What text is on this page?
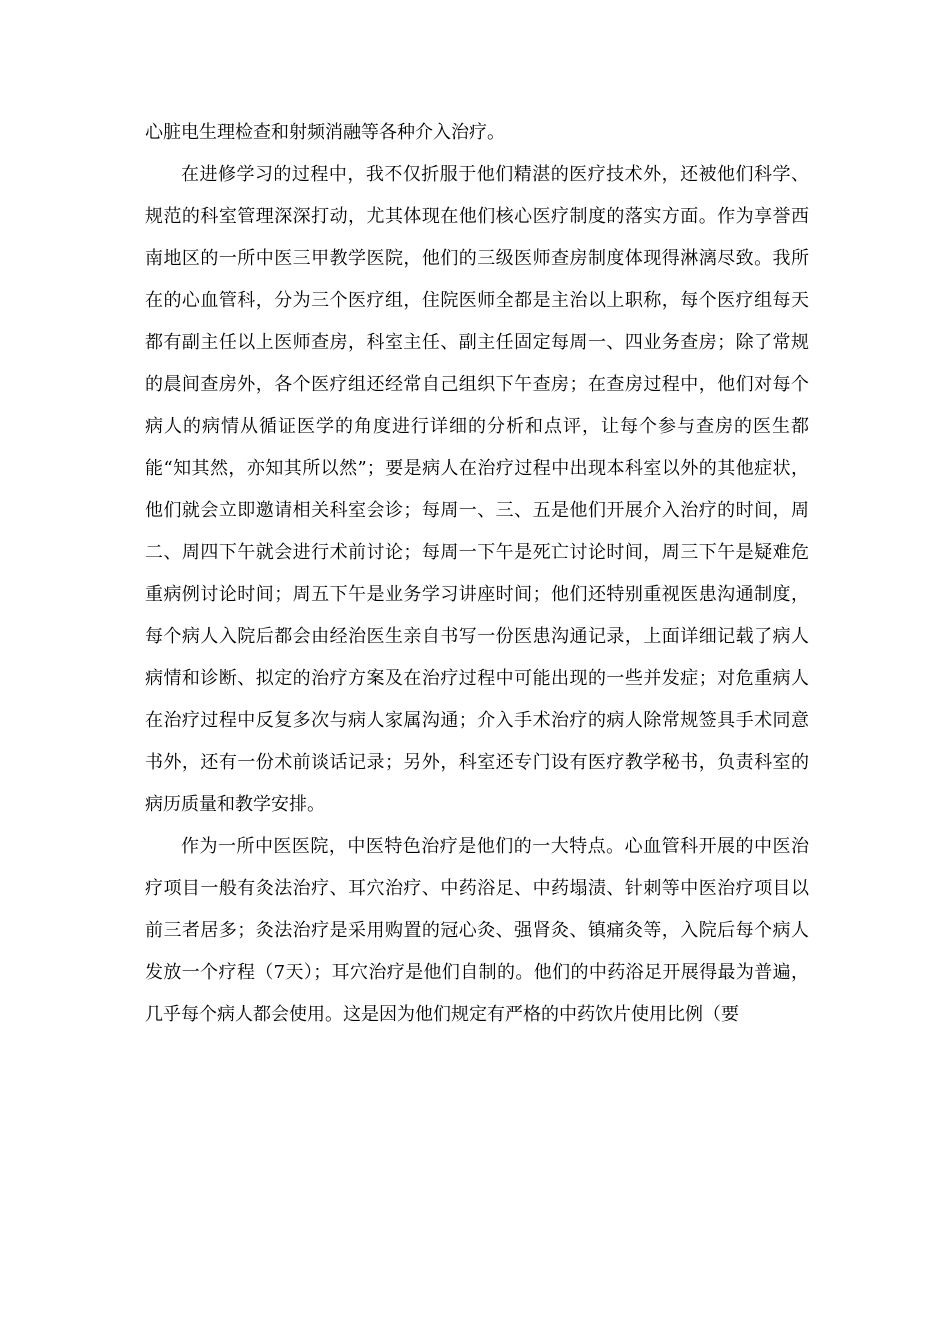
心脏电生理检查和射频消融等各种介入治疗。

在进修学习的过程中，我不仅折服于他们精湛的医疗技术外，还被他们科学、规范的科室管理深深打动，尤其体现在他们核心医疗制度的落实方面。作为享誉西南地区的一所中医三甲教学医院，他们的三级医师查房制度体现得淋漓尽致。我所在的心血管科，分为三个医疗组，住院医师全都是主治以上职称，每个医疗组每天都有副主任以上医师查房，科室主任、副主任固定每周一、四业务查房；除了常规的晨间查房外，各个医疗组还经常自己组织下午查房；在查房过程中，他们对每个病人的病情从循证医学的角度进行详细的分析和点评，让每个参与查房的医生都能“知其然，亦知其所以然”；要是病人在治疗过程中出现本科室以外的其他症状，他们就会立即邀请相关科室会诊；每周一、三、五是他们开展介入治疗的时间，周二、周四下午就会进行术前讨论；每周一下午是死亡讨论时间，周三下午是疑难危重病例讨论时间；周五下午是业务学习讲座时间；他们还特别重视医患沟通制度，每个病人入院后都会由经治医生亲自书写一份医患沟通记录，上面详细记载了病人病情和诊断、拟定的治疗方案及在治疗过程中可能出现的一些并发症；对危重病人在治疗过程中反复多次与病人家属沟通；介入手术治疗的病人除常规签具手术同意书外，还有一份术前谈话记录；另外，科室还专门设有医疗教学秘书，负责科室的病历质量和教学安排。

作为一所中医医院，中医特色治疗是他们的一大特点。心血管科开展的中医治疗项目一般有灸法治疗、耳穴治疗、中药浴足、中药塌渍、针刺等中医治疗项目以前三者居多；灸法治疗是采用购置的冠心灸、强肾灸、镇痛灸等，入院后每个病人发放一个疗程（7天）；耳穴治疗是他们自制的。他们的中药浴足开展得最为普遍，几乎每个病人都会使用。这是因为他们规定有严格的中药饮片使用比例（要
